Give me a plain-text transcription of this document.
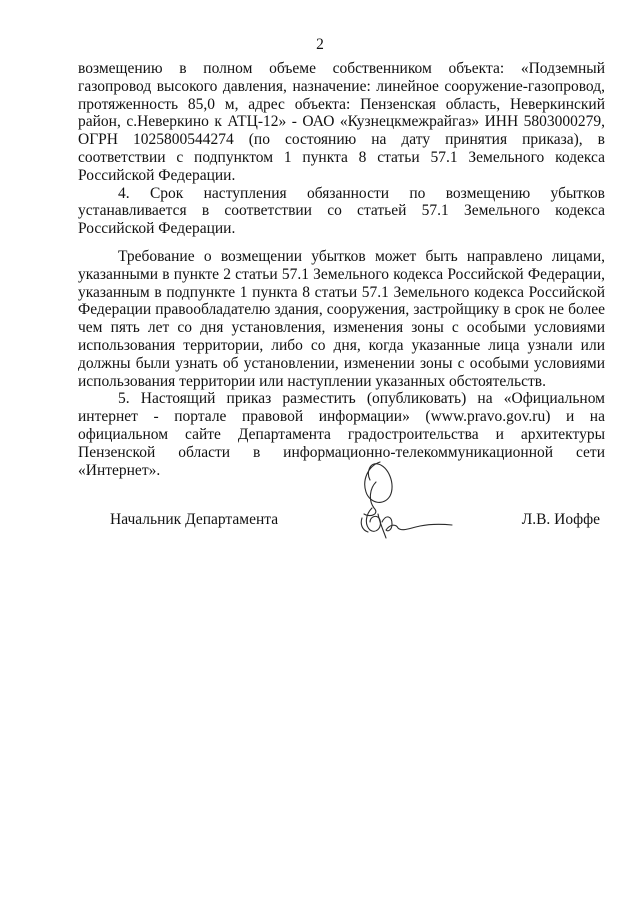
2

возмещению в полном объеме собственником объекта: «Подземный газопровод высокого давления, назначение: линейное сооружение-газопровод, протяженность 85,0 м, адрес объекта: Пензенская область, Неверкинский район, с.Неверкино к АТЦ-12» - ОАО «Кузнецкмежрайгаз» ИНН 5803000279, ОГРН 1025800544274 (по состоянию на дату принятия приказа), в соответствии с подпунктом 1 пункта 8 статьи 57.1 Земельного кодекса Российской Федерации.

4. Срок наступления обязанности по возмещению убытков устанавливается в соответствии со статьей 57.1 Земельного кодекса Российской Федерации.

Требование о возмещении убытков может быть направлено лицами, указанными в пункте 2 статьи 57.1 Земельного кодекса Российской Федерации, указанным в подпункте 1 пункта 8 статьи 57.1 Земельного кодекса Российской Федерации правообладателю здания, сооружения, застройщику в срок не более чем пять лет со дня установления, изменения зоны с особыми условиями использования территории, либо со дня, когда указанные лица узнали или должны были узнать об установлении, изменении зоны с особыми условиями использования территории или наступлении указанных обстоятельств.

5. Настоящий приказ разместить (опубликовать) на «Официальном интернет - портале правовой информации» (www.pravo.gov.ru) и на официальном сайте Департамента градостроительства и архитектуры Пензенской области в информационно-телекоммуникационной сети «Интернет».

Начальник Департамента	Л.В. Иоффе
